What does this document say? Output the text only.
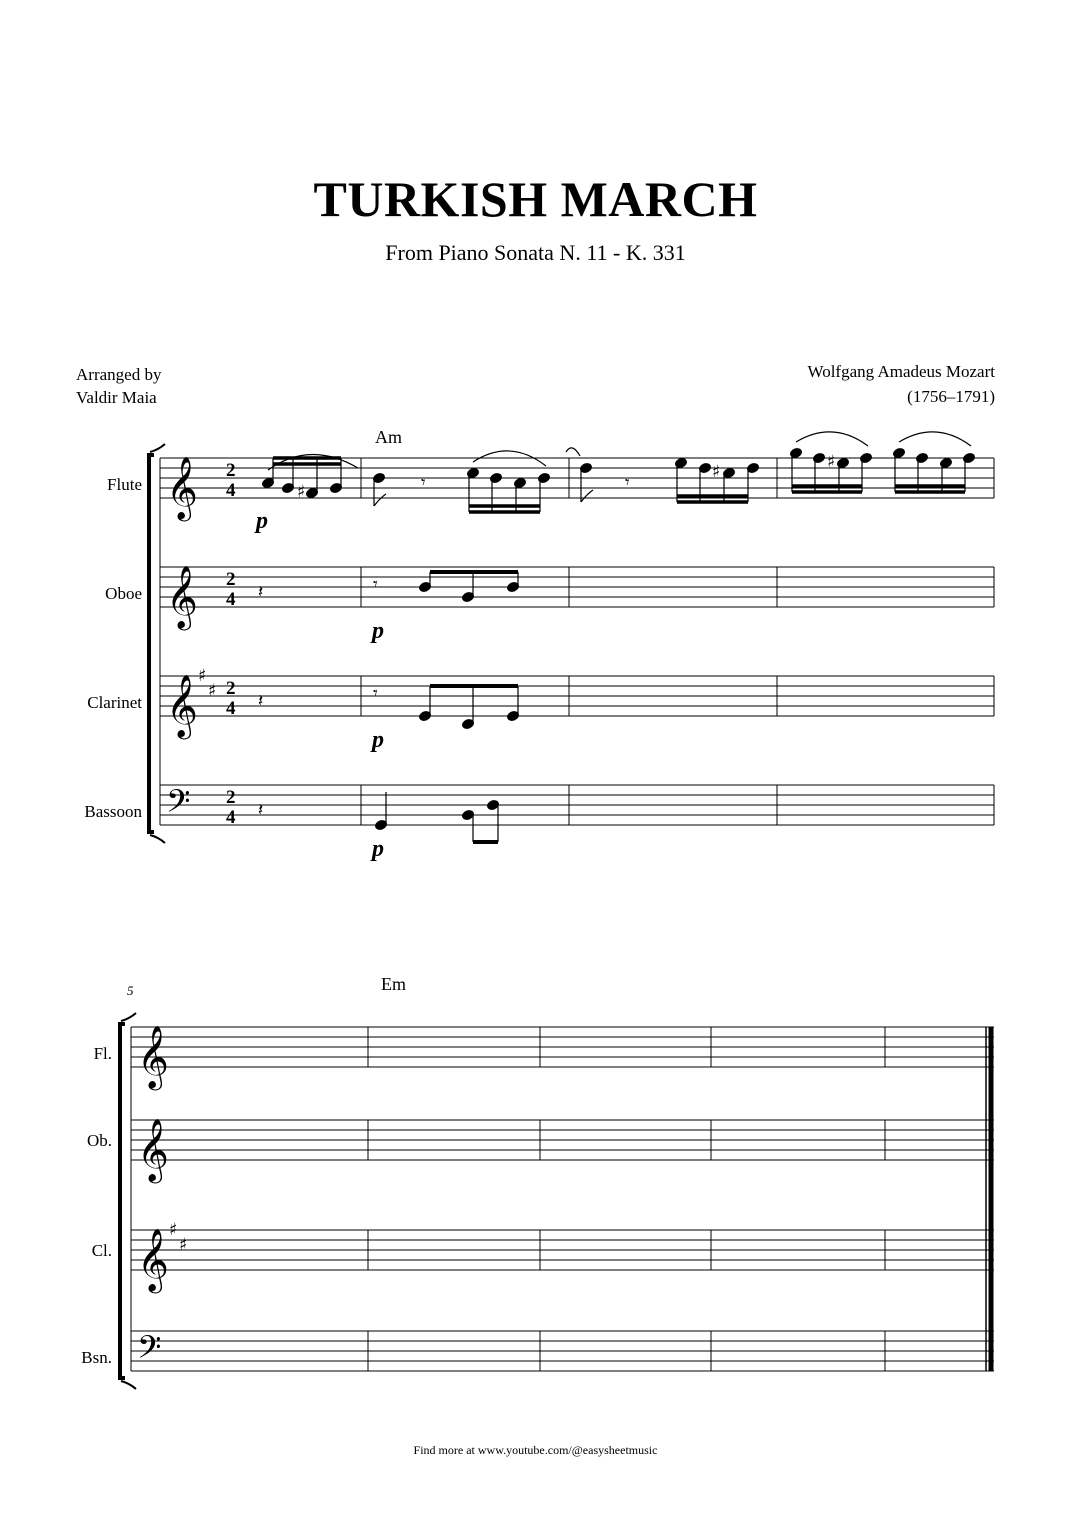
TURKISH MARCH
From Piano Sonata N. 11 - K. 331
Arranged by
Valdir Maia
Wolfgang Amadeus Mozart
(1756–1791)
Flute
Oboe
Clarinet
Bassoon
Fl.
Ob.
Cl.
Bsn.
𝄞
𝄞
𝄞
𝄢
𝄞
𝄞
𝄞
𝄢
♯
♯
♯
♯
2
4
2
4
2
4
2
4
Am
Em
5
p
p
p
p
♯	𝄾	𝄾
♯	♯
𝄽
𝄽
𝄽
𝄾
𝄾
Find more at www.youtube.com/@easysheetmusic
